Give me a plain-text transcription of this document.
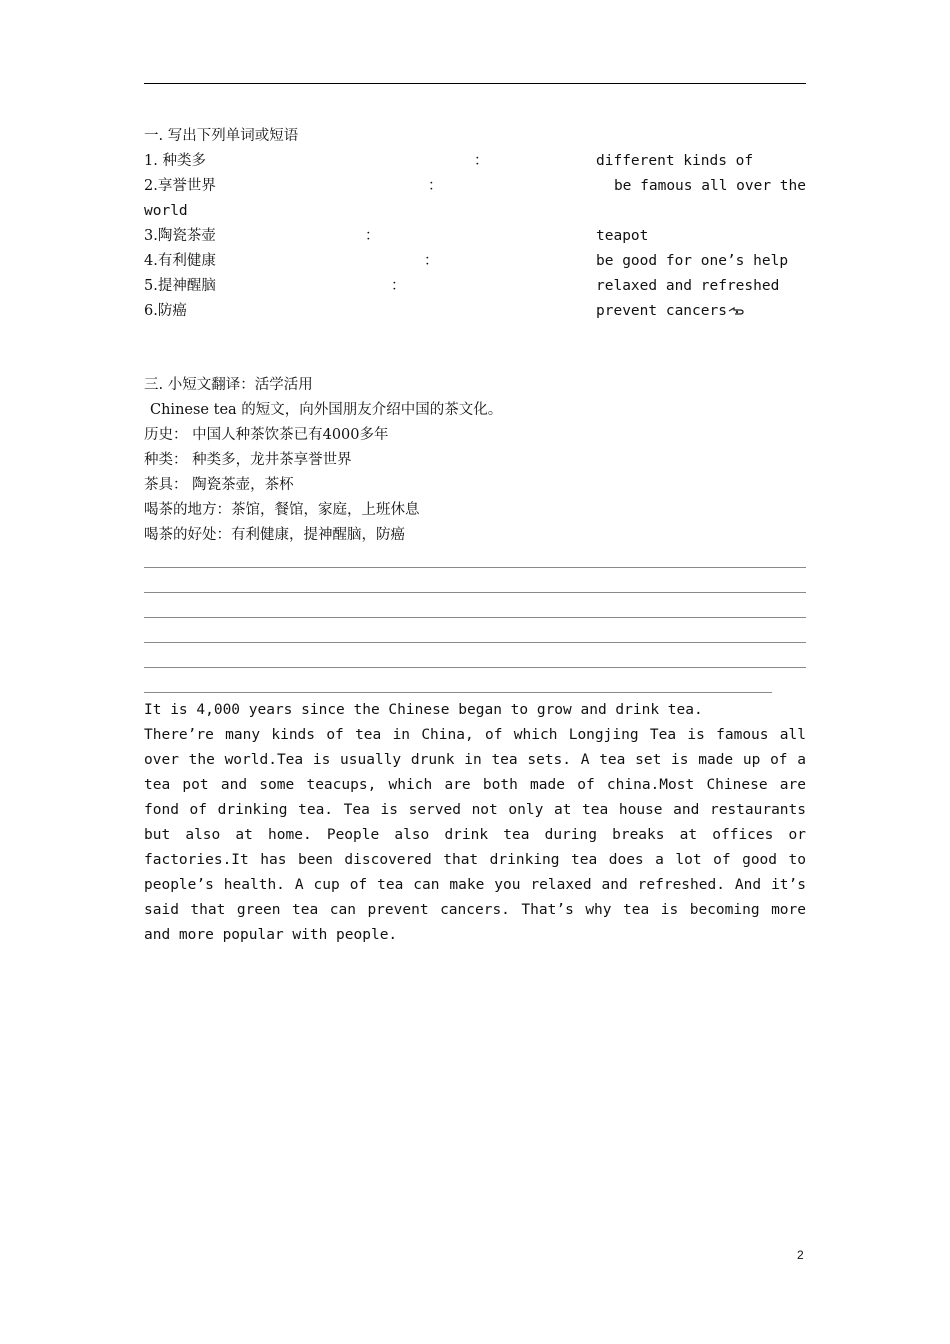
一. 写出下列单词或短语
1. 种类多	：	different kinds of
2.享誉世界	：	be famous all over the
world
3.陶瓷茶壶	：	teapot
4.有利健康	：	be good for one’s help
5.提神醒脑	：	relaxed and refreshed
6.防癌	prevent cancers
三. 小短文翻译：活学活用
Chinese tea 的短文，向外国朋友介绍中国的茶文化。
历史： 中国人种茶饮茶已有4000多年
种类： 种类多，龙井茶享誉世界
茶具： 陶瓷茶壶，茶杯
喝茶的地方：茶馆，餐馆，家庭，上班休息
喝茶的好处：有利健康，提神醒脑，防癌

It is 4,000 years since the Chinese began to grow and drink tea.

There’re many kinds of tea in China, of which Longjing Tea is famous all over the world.Tea is usually drunk in tea sets. A tea set is made up of a tea pot and some teacups, which are both made of china.Most Chinese are fond of drinking tea. Tea is served not only at tea house and restaurants but also at home. People also drink tea during breaks at offices or factories.It has been discovered that drinking tea does a lot of good to people’s health. A cup of tea can make you relaxed and refreshed. And it’s said that green tea can prevent cancers. That’s why tea is becoming more and more popular with people.

2
